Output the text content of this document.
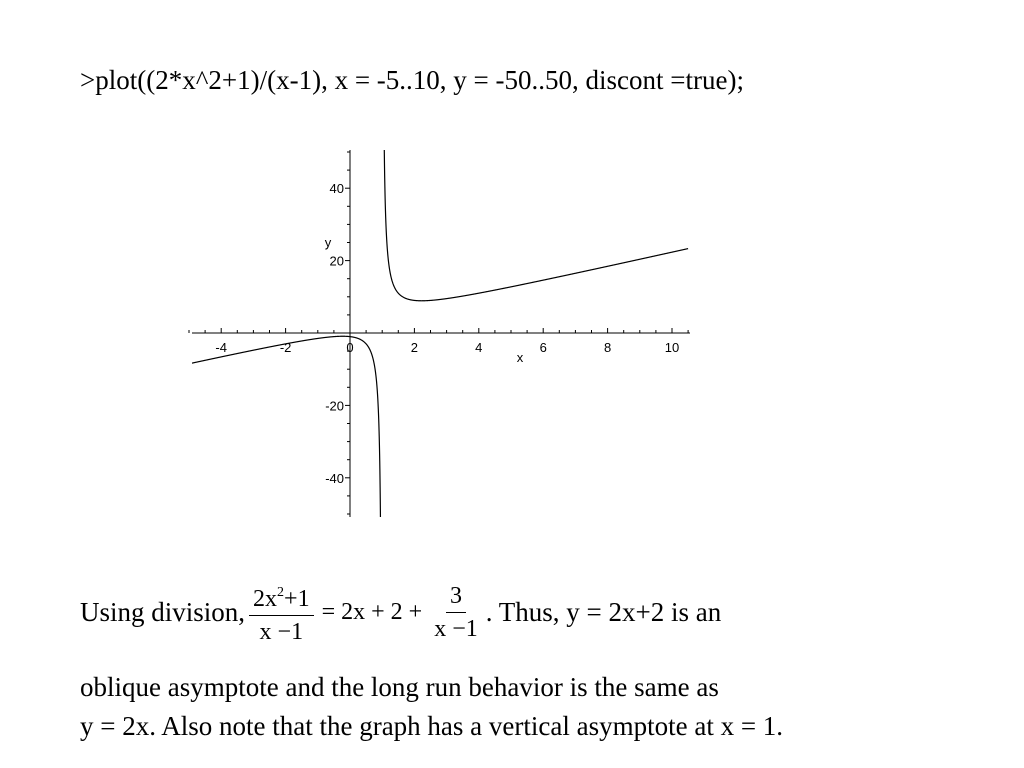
>plot((2*x^2+1)/(x-1), x = -5..10, y = -50..50, discont =true);
-4	-2	0	2	4	6	8	10
-40
-20
20
40
x
y
Using division, $\frac{2x^2+1}{x -1} = 2x + 2 + \frac{3}{x -1}$ . Thus, y = 2x+2 is an
oblique asymptote and the long run behavior is the same as
y = 2x. Also note that the graph has a vertical asymptote at x = 1.
